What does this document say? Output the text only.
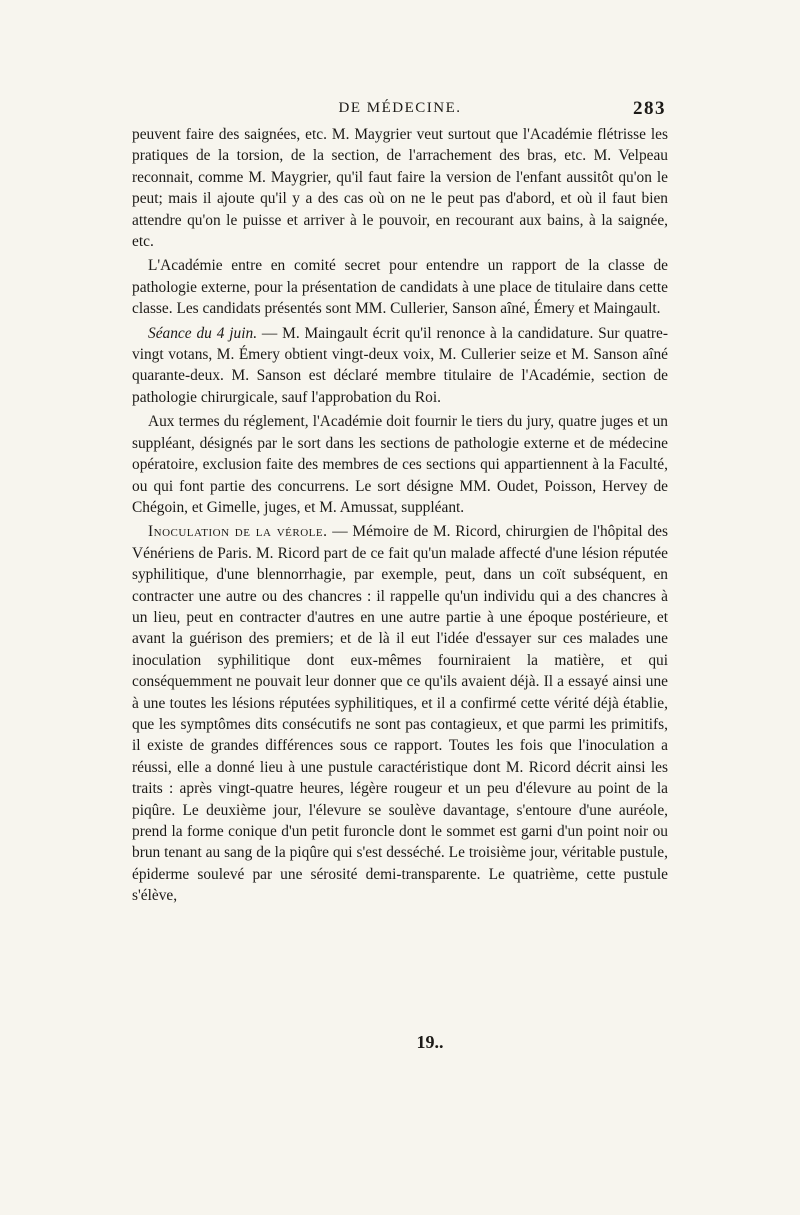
DE MÉDECINE.	283

peuvent faire des saignées, etc. M. Maygrier veut surtout que l'Académie flétrisse les pratiques de la torsion, de la section, de l'arrachement des bras, etc. M. Velpeau reconnait, comme M. Maygrier, qu'il faut faire la version de l'enfant aussitôt qu'on le peut; mais il ajoute qu'il y a des cas où on ne le peut pas d'abord, et où il faut bien attendre qu'on le puisse et arriver à le pouvoir, en recourant aux bains, à la saignée, etc.

L'Académie entre en comité secret pour entendre un rapport de la classe de pathologie externe, pour la présentation de candidats à une place de titulaire dans cette classe. Les candidats présentés sont MM. Cullerier, Sanson aîné, Émery et Maingault.

Séance du 4 juin. — M. Maingault écrit qu'il renonce à la candidature. Sur quatre-vingt votans, M. Émery obtient vingt-deux voix, M. Cullerier seize et M. Sanson aîné quarante-deux. M. Sanson est déclaré membre titulaire de l'Académie, section de pathologie chirurgicale, sauf l'approbation du Roi.

Aux termes du réglement, l'Académie doit fournir le tiers du jury, quatre juges et un suppléant, désignés par le sort dans les sections de pathologie externe et de médecine opératoire, exclusion faite des membres de ces sections qui appartiennent à la Faculté, ou qui font partie des concurrens. Le sort désigne MM. Oudet, Poisson, Hervey de Chégoin, et Gimelle, juges, et M. Amussat, suppléant.

Inoculation de la vérole. — Mémoire de M. Ricord, chirurgien de l'hôpital des Vénériens de Paris. M. Ricord part de ce fait qu'un malade affecté d'une lésion réputée syphilitique, d'une blennorrhagie, par exemple, peut, dans un coït subséquent, en contracter une autre ou des chancres : il rappelle qu'un individu qui a des chancres à un lieu, peut en contracter d'autres en une autre partie à une époque postérieure, et avant la guérison des premiers; et de là il eut l'idée d'essayer sur ces malades une inoculation syphilitique dont eux-mêmes fourniraient la matière, et qui conséquemment ne pouvait leur donner que ce qu'ils avaient déjà. Il a essayé ainsi une à une toutes les lésions réputées syphilitiques, et il a confirmé cette vérité déjà établie, que les symptômes dits consécutifs ne sont pas contagieux, et que parmi les primitifs, il existe de grandes différences sous ce rapport. Toutes les fois que l'inoculation a réussi, elle a donné lieu à une pustule caractéristique dont M. Ricord décrit ainsi les traits : après vingt-quatre heures, légère rougeur et un peu d'élevure au point de la piqûre. Le deuxième jour, l'élevure se soulève davantage, s'entoure d'une auréole, prend la forme conique d'un petit furoncle dont le sommet est garni d'un point noir ou brun tenant au sang de la piqûre qui s'est desséché. Le troisième jour, véritable pustule, épiderme soulevé par une sérosité demi-transparente. Le quatrième, cette pustule s'élève,

19..
